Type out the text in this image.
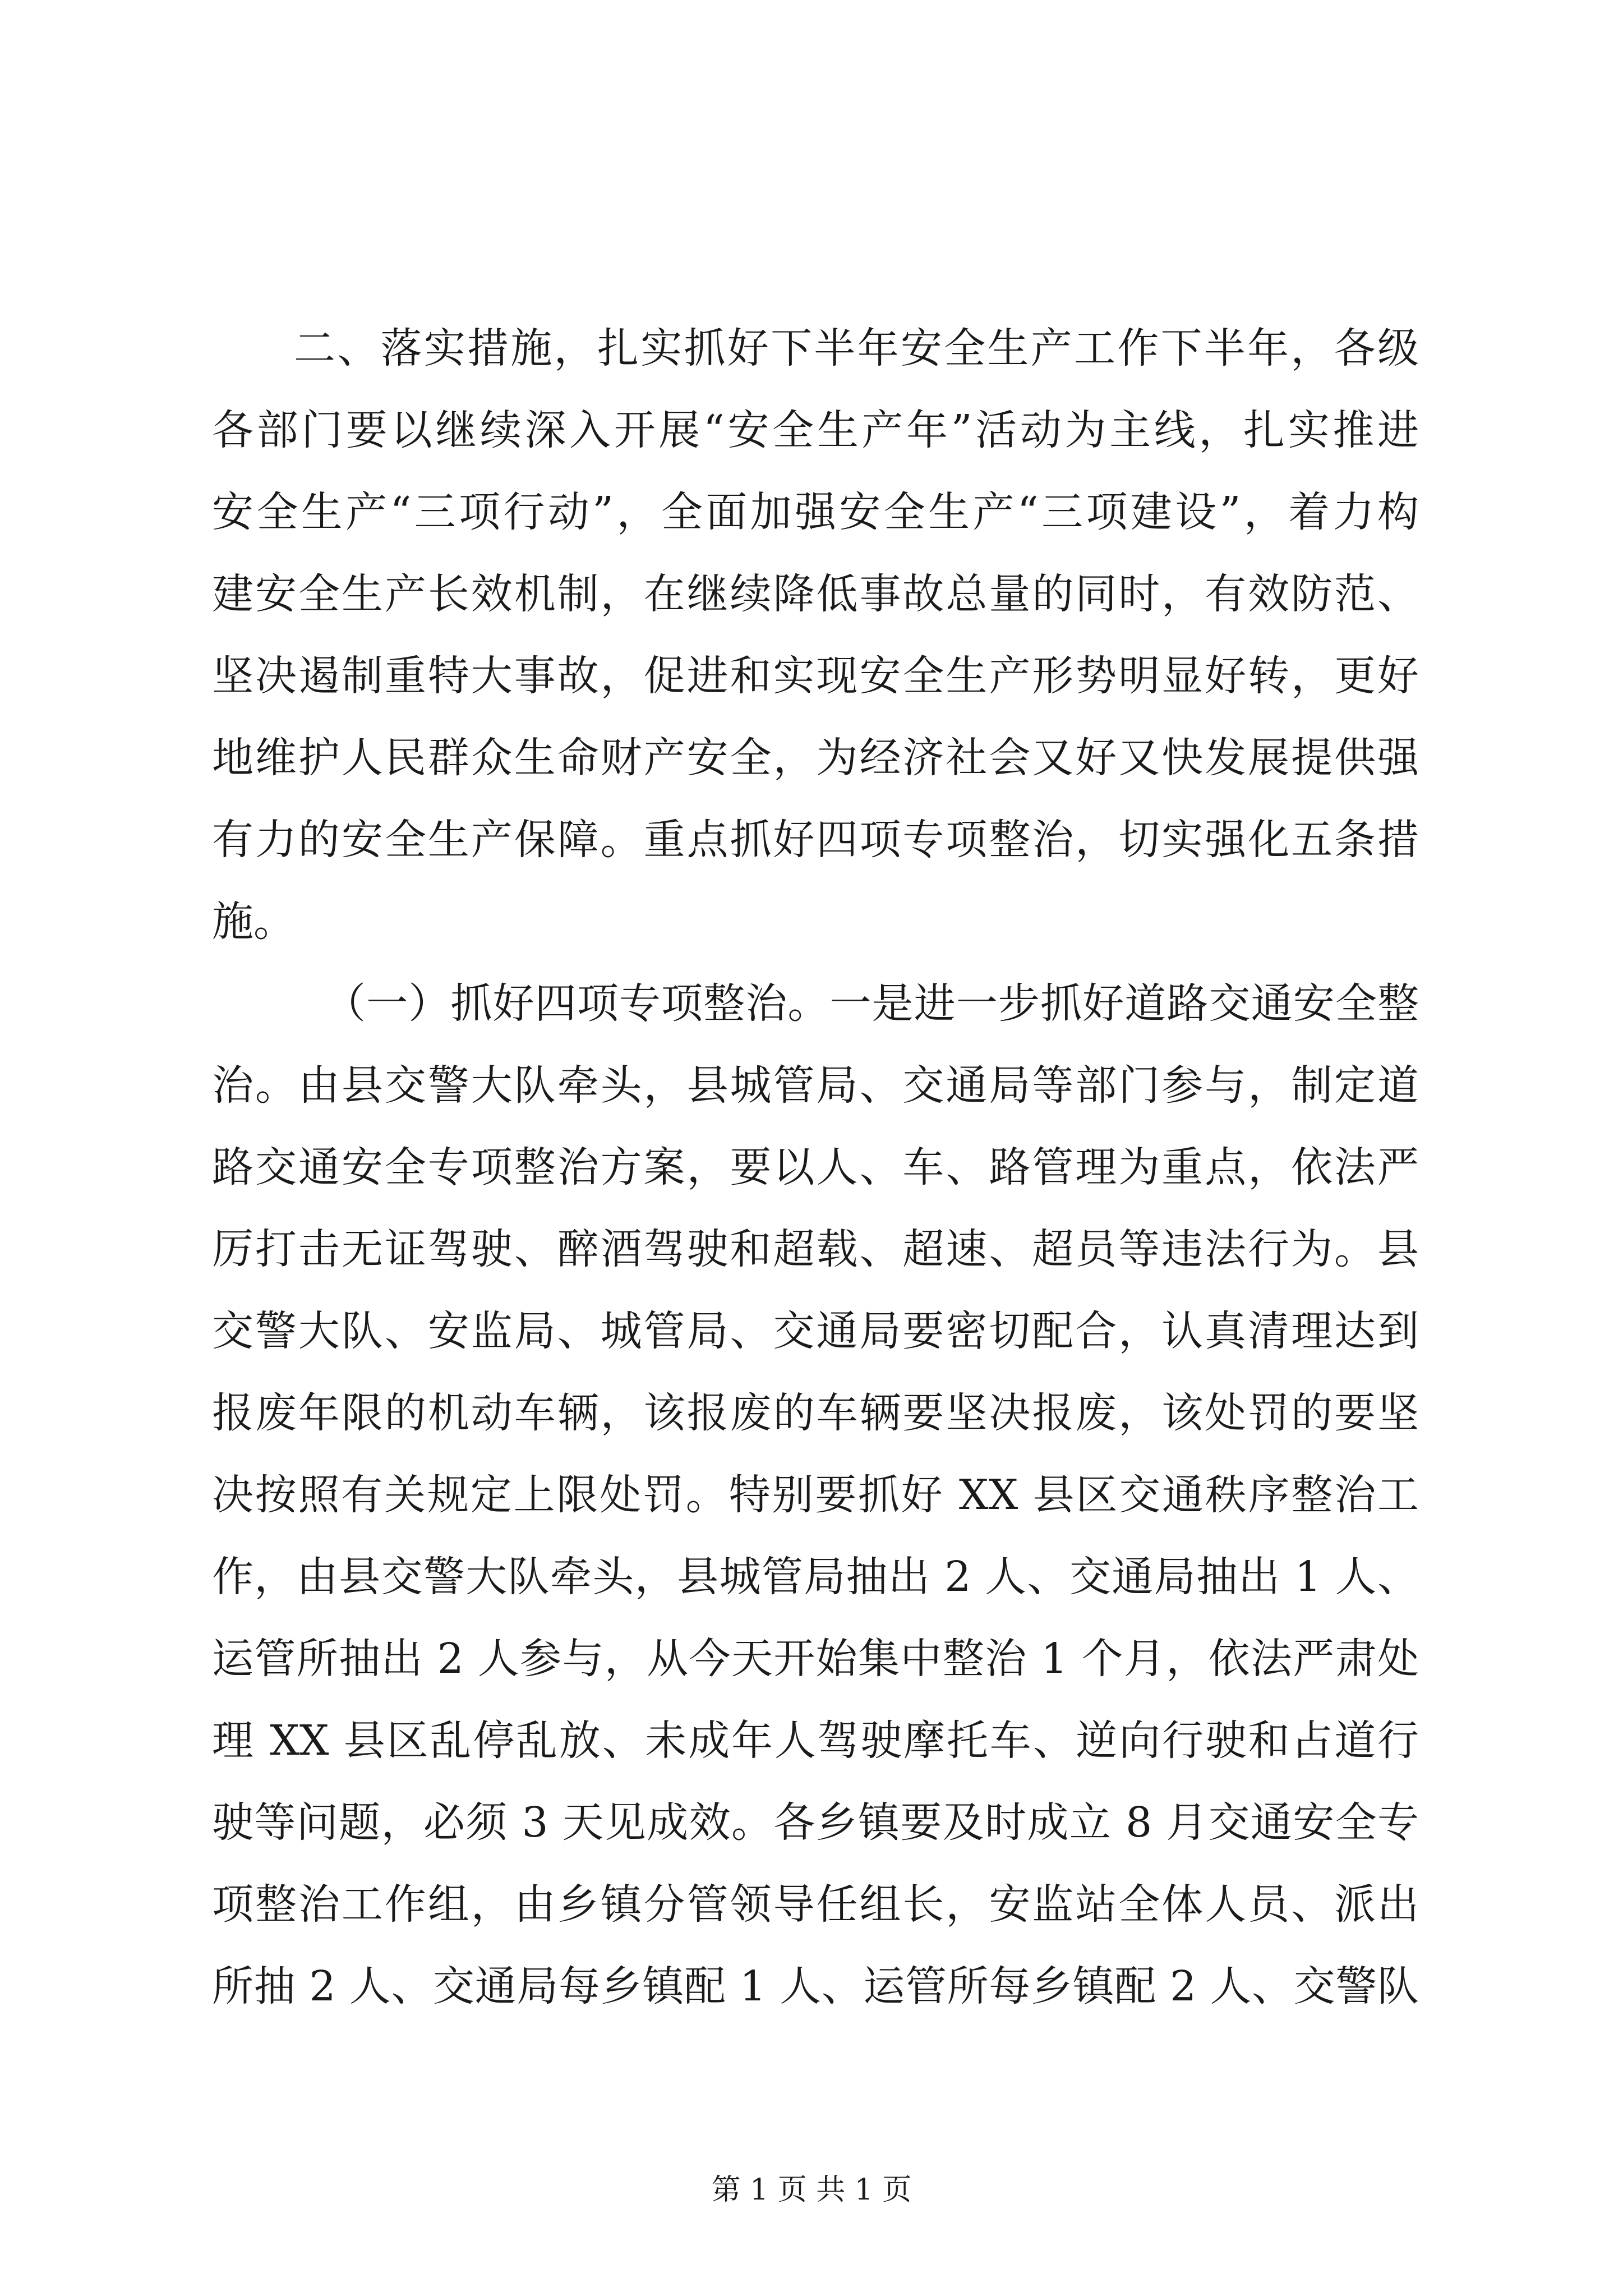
二、落实措施，扎实抓好下半年安全生产工作下半年，各级
各部门要以继续深入开展“安全生产年”活动为主线，扎实推进
安全生产“三项行动”，全面加强安全生产“三项建设”，着力构
建安全生产长效机制，在继续降低事故总量的同时，有效防范、
坚决遏制重特大事故，促进和实现安全生产形势明显好转，更好
地维护人民群众生命财产安全，为经济社会又好又快发展提供强
有力的安全生产保障。重点抓好四项专项整治，切实强化五条措
施。
（一）抓好四项专项整治。一是进一步抓好道路交通安全整
治。由县交警大队牵头，县城管局、交通局等部门参与，制定道
路交通安全专项整治方案，要以人、车、路管理为重点，依法严
厉打击无证驾驶、醉酒驾驶和超载、超速、超员等违法行为。县
交警大队、安监局、城管局、交通局要密切配合，认真清理达到
报废年限的机动车辆，该报废的车辆要坚决报废，该处罚的要坚
决按照有关规定上限处罚。特别要抓好 XX 县区交通秩序整治工
作，由县交警大队牵头，县城管局抽出 2 人、交通局抽出 1 人、
运管所抽出 2 人参与，从今天开始集中整治 1 个月，依法严肃处
理 XX 县区乱停乱放、未成年人驾驶摩托车、逆向行驶和占道行
驶等问题，必须 3 天见成效。各乡镇要及时成立 8 月交通安全专
项整治工作组，由乡镇分管领导任组长，安监站全体人员、派出
所抽 2 人、交通局每乡镇配 1 人、运管所每乡镇配 2 人、交警队
第 1 页 共 1 页
